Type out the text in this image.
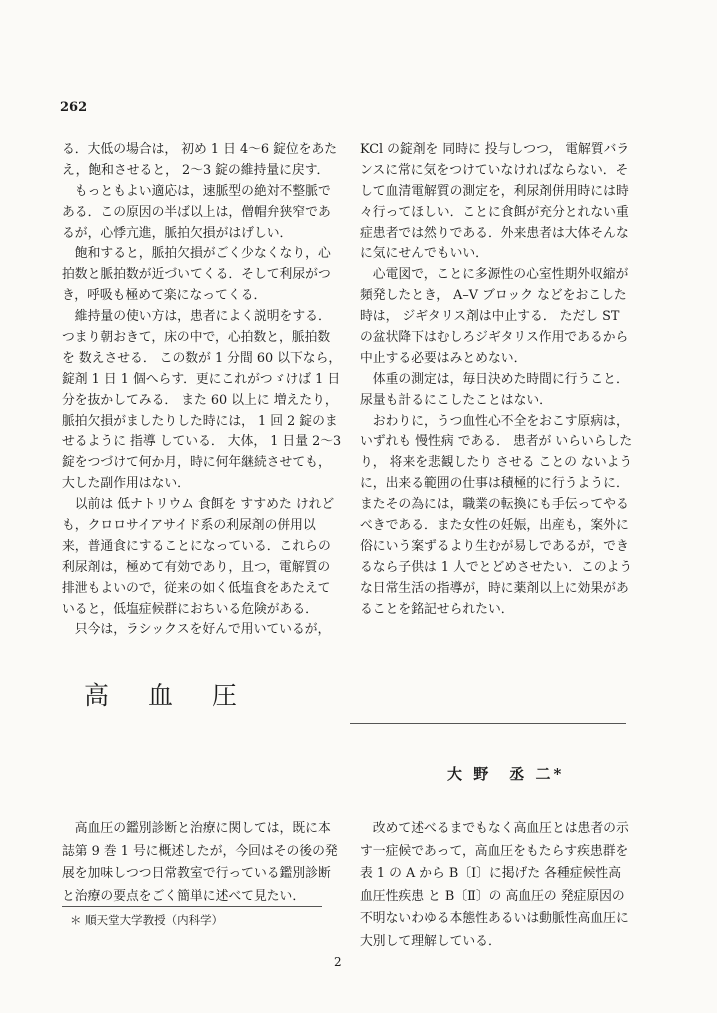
262

る．大低の場合は， 初め 1 日 4～6 錠位をあた

え，飽和させると， 2～3 錠の維持量に戻す．

　もっともよい適応は，速脈型の絶対不整脈で

ある．この原因の半ば以上は，僧帽弁狭窄であ

るが，心悸亢進，脈拍欠損がはげしい．

　飽和すると，脈拍欠損がごく少なくなり，心

拍数と脈拍数が近づいてくる．そして利尿がつ

き，呼吸も極めて楽になってくる．

　維持量の使い方は，患者によく説明をする．

つまり朝おきて，床の中で，心拍数と，脈拍数

を 数えさせる． この数が 1 分間 60 以下なら，

錠剤 1 日 1 個へらす．更にこれがつゞけば 1 日

分を抜かしてみる． また 60 以上に 増えたり，

脈拍欠損がましたりした時には， 1 回 2 錠のま

せるように 指導 している． 大体， 1 日量 2～3

錠をつづけて何か月，時に何年継続させても，

大した副作用はない．

　以前は 低ナトリウム 食餌を すすめた けれど

も，クロロサイアサイド系の利尿剤の併用以

来，普通食にすることになっている．これらの

利尿剤は，極めて有効であり，且つ，電解質の

排泄もよいので，従来の如く低塩食をあたえて

いると，低塩症候群におちいる危険がある．

　只今は，ラシックスを好んで用いているが，

KCl の錠剤を 同時に 投与しつつ， 電解質バラ

ンスに常に気をつけていなければならない．そ

して血清電解質の測定を，利尿剤併用時には時

々行ってほしい．ことに食餌が充分とれない重

症患者では然りである．外来患者は大体そんな

に気にせんでもいい．

　心電図で，ことに多源性の心室性期外収縮が

頻発したとき， A–V ブロック などをおこした

時は， ジギタリス剤は中止する． ただし ST

の盆状降下はむしろジギタリス作用であるから

中止する必要はみとめない．

　体重の測定は，毎日決めた時間に行うこと．

尿量も計るにこしたことはない．

　おわりに，うつ血性心不全をおこす原病は，

いずれも 慢性病 である． 患者が いらいらした

り， 将来を悲観したり させる ことの ないよう

に，出来る範囲の仕事は積極的に行うように．

またその為には，職業の転換にも手伝ってやる

べきである．また女性の妊娠，出産も，案外に

俗にいう案ずるより生むが易しであるが，でき

るなら子供は 1 人でとどめさせたい．このよう

な日常生活の指導が，時に薬剤以上に効果があ

ることを銘記せられたい．

高 血 圧
大 野　丞 二*

　高血圧の鑑別診断と治療に関しては，既に本

誌第 9 巻 1 号に概述したが，今回はその後の発

展を加味しつつ日常教室で行っている鑑別診断

と治療の要点をごく簡単に述べて見たい．

　改めて述べるまでもなく高血圧とは患者の示

す一症候であって，高血圧をもたらす疾患群を

表 1 の A から B〔Ⅰ〕に掲げた 各種症候性高

血圧性疾患 と B〔Ⅱ〕の 高血圧の 発症原因の

不明ないわゆる本態性あるいは動脈性高血圧に

大別して理解している．

＊ 順天堂大学教授（内科学）
2
